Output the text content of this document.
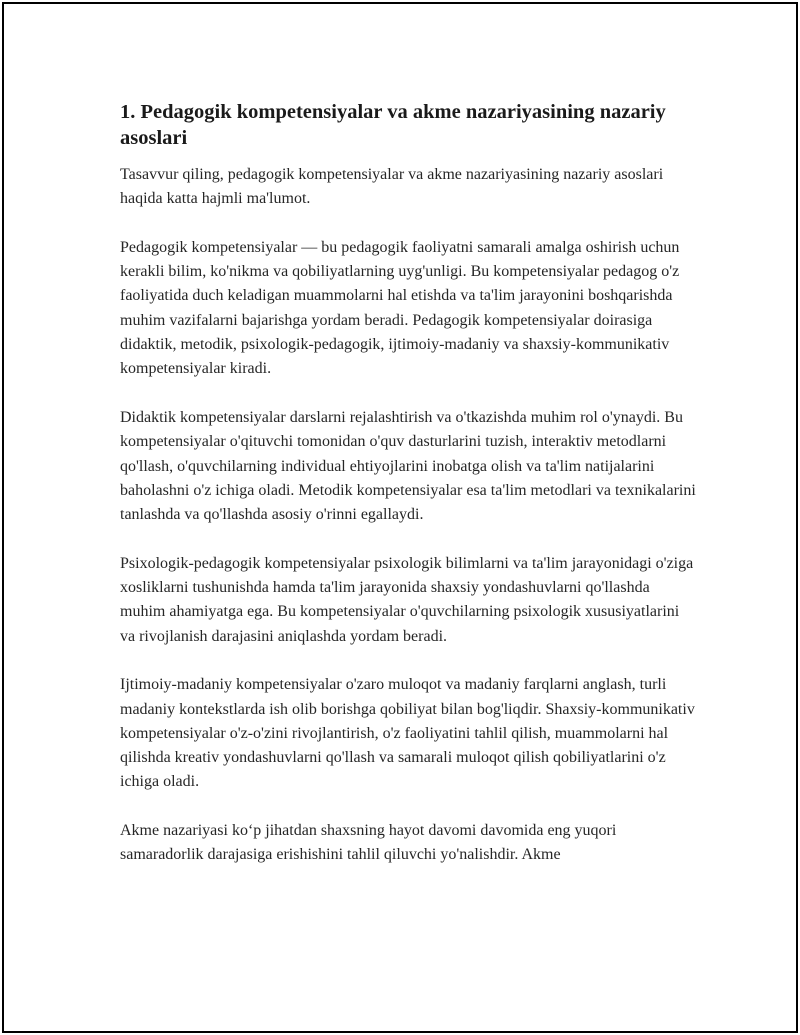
1. Pedagogik kompetensiyalar va akme nazariyasining nazariy asoslari

Tasavvur qiling, pedagogik kompetensiyalar va akme nazariyasining nazariy asoslari haqida katta hajmli ma'lumot.

Pedagogik kompetensiyalar — bu pedagogik faoliyatni samarali amalga oshirish uchun kerakli bilim, ko'nikma va qobiliyatlarning uyg'unligi. Bu kompetensiyalar pedagog o'z faoliyatida duch keladigan muammolarni hal etishda va ta'lim jarayonini boshqarishda muhim vazifalarni bajarishga yordam beradi. Pedagogik kompetensiyalar doirasiga didaktik, metodik, psixologik-pedagogik, ijtimoiy-madaniy va shaxsiy-kommunikativ kompetensiyalar kiradi.

Didaktik kompetensiyalar darslarni rejalashtirish va o'tkazishda muhim rol o'ynaydi. Bu kompetensiyalar o'qituvchi tomonidan o'quv dasturlarini tuzish, interaktiv metodlarni qo'llash, o'quvchilarning individual ehtiyojlarini inobatga olish va ta'lim natijalarini baholashni o'z ichiga oladi. Metodik kompetensiyalar esa ta'lim metodlari va texnikalarini tanlashda va qo'llashda asosiy o'rinni egallaydi.

Psixologik-pedagogik kompetensiyalar psixologik bilimlarni va ta'lim jarayonidagi o'ziga xosliklarni tushunishda hamda ta'lim jarayonida shaxsiy yondashuvlarni qo'llashda muhim ahamiyatga ega. Bu kompetensiyalar o'quvchilarning psixologik xususiyatlarini va rivojlanish darajasini aniqlashda yordam beradi.

Ijtimoiy-madaniy kompetensiyalar o'zaro muloqot va madaniy farqlarni anglash, turli madaniy kontekstlarda ish olib borishga qobiliyat bilan bog'liqdir. Shaxsiy-kommunikativ kompetensiyalar o'z-o'zini rivojlantirish, o'z faoliyatini tahlil qilish, muammolarni hal qilishda kreativ yondashuvlarni qo'llash va samarali muloqot qilish qobiliyatlarini o'z ichiga oladi.

Akme nazariyasi ko‘p jihatdan shaxsning hayot davomi davomida eng yuqori samaradorlik darajasiga erishishini tahlil qiluvchi yo'nalishdir. Akme
